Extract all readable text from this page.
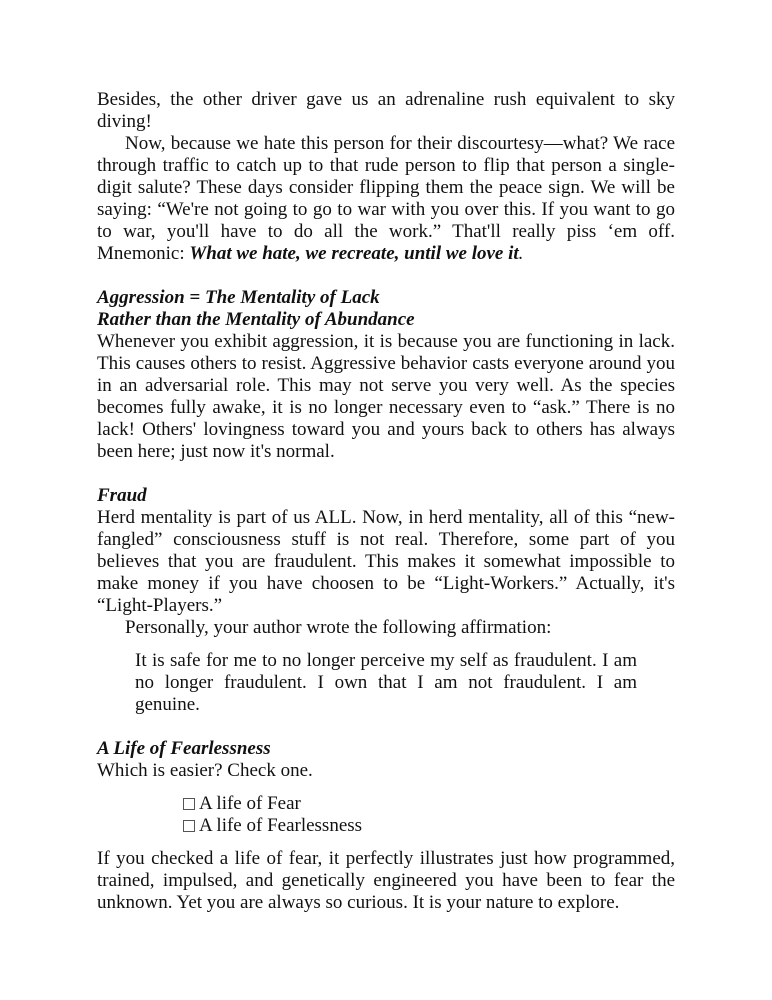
Besides, the other driver gave us an adrenaline rush equivalent to sky diving!

Now, because we hate this person for their discourtesy—what? We race through traffic to catch up to that rude person to flip that person a single-digit salute? These days consider flipping them the peace sign. We will be saying: “We're not going to go to war with you over this. If you want to go to war, you'll have to do all the work.” That'll really piss ‘em off. Mnemonic: What we hate, we recreate, until we love it.

Aggression = The Mentality of Lack

Rather than the Mentality of Abundance

Whenever you exhibit aggression, it is because you are functioning in lack. This causes others to resist. Aggressive behavior casts everyone around you in an adversarial role. This may not serve you very well. As the species becomes fully awake, it is no longer necessary even to “ask.” There is no lack! Others' lovingness toward you and yours back to others has always been here; just now it's normal.

Fraud

Herd mentality is part of us ALL. Now, in herd mentality, all of this “new-fangled” consciousness stuff is not real. Therefore, some part of you believes that you are fraudulent. This makes it somewhat impossible to make money if you have choosen to be “Light-Workers.” Actually, it's “Light-Players.”

Personally, your author wrote the following affirmation:

It is safe for me to no longer perceive my self as fraudulent. I am no longer fraudulent. I own that I am not fraudulent. I am genuine.

A Life of Fearlessness

Which is easier? Check one.

A life of Fear
A life of Fearlessness

If you checked a life of fear, it perfectly illustrates just how programmed, trained, impulsed, and genetically engineered you have been to fear the unknown. Yet you are always so curious. It is your nature to explore.
